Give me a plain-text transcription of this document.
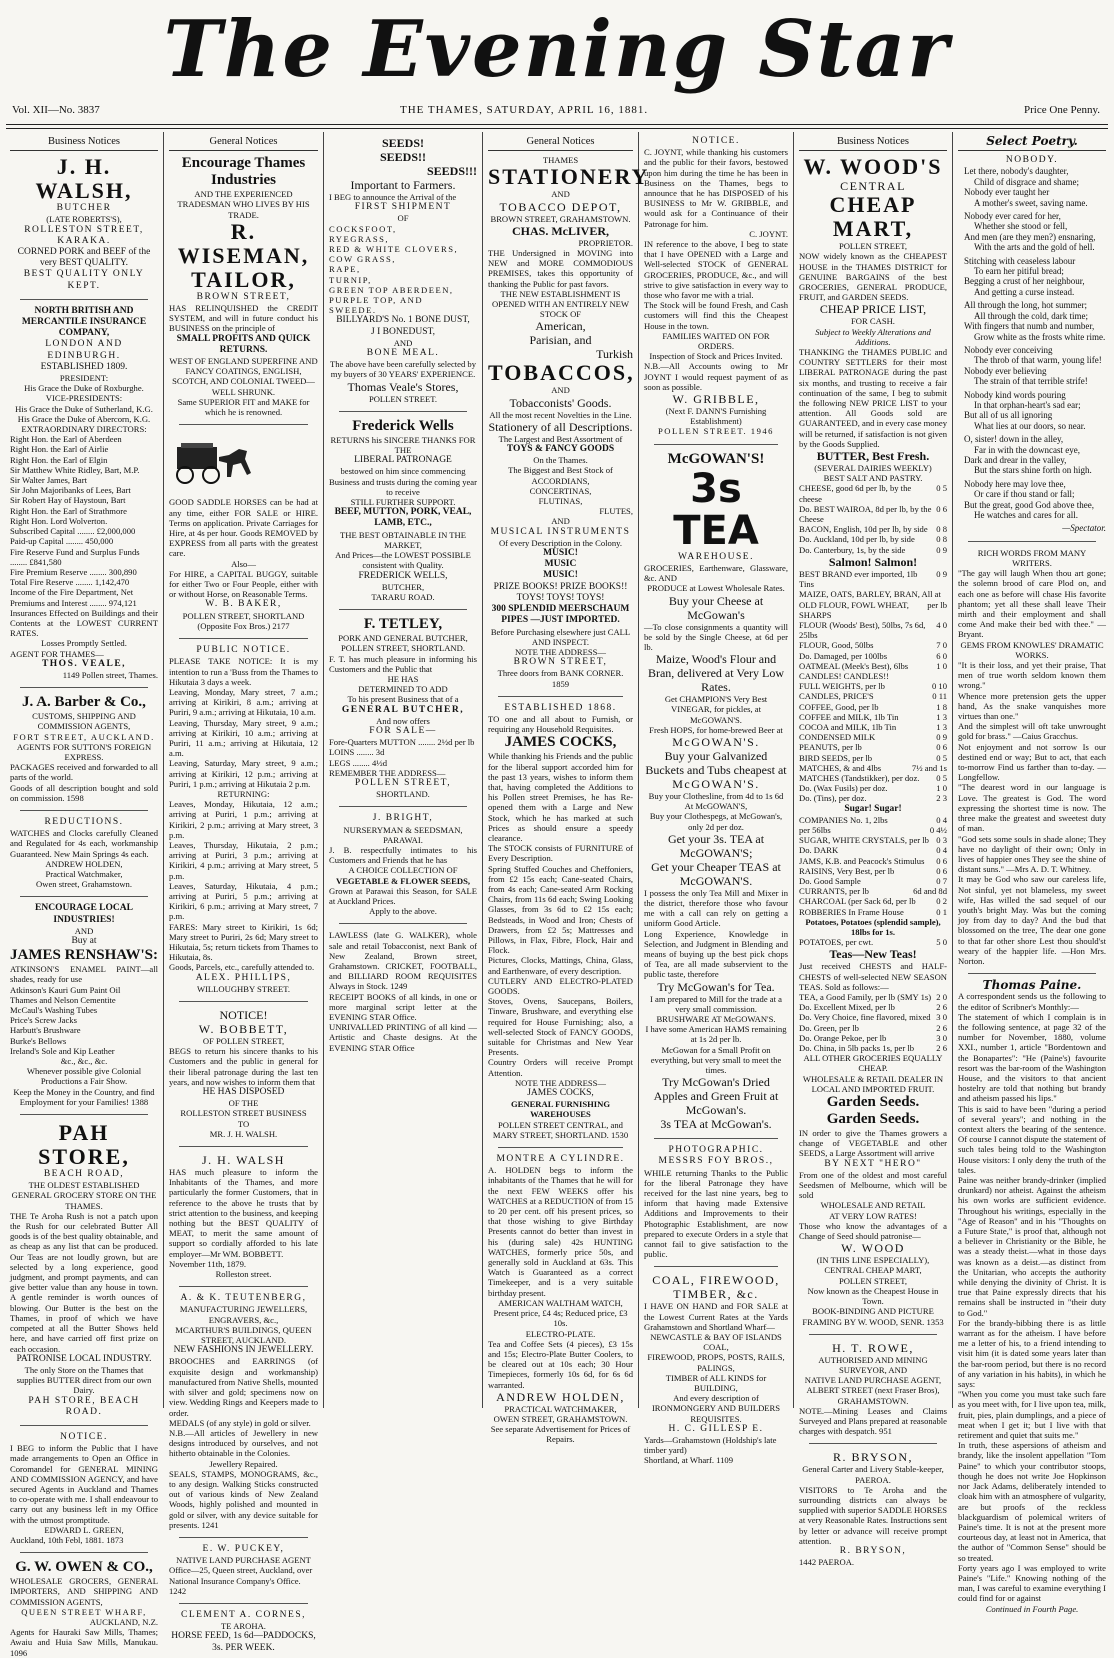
The Evening Star
Vol. XII—No. 3837	THE THAMES, SATURDAY, APRIL 16, 1881.	Price One Penny.
Business Notices
J. H. WALSH,
BUTCHER
(LATE ROBERTS'S),
ROLLESTON STREET, KARAKA.
CORNED PORK and BEEF of the very BEST QUALITY.
BEST QUALITY ONLY KEPT.
NORTH BRITISH AND MERCANTILE INSURANCE COMPANY,
LONDON AND EDINBURGH.
ESTABLISHED 1809.
PRESIDENT:
His Grace the Duke of Roxburghe.
VICE-PRESIDENTS:
His Grace the Duke of Sutherland, K.G.
His Grace the Duke of Abercorn, K.G.
EXTRAORDINARY DIRECTORS:
Right Hon. the Earl of Aberdeen
Right Hon. the Earl of Airlie
Right Hon. the Earl of Elgin
Sir Matthew White Ridley, Bart, M.P.
Sir Walter James, Bart
Sir John Majoribanks of Lees, Bart
Sir Robert Hay of Haystoun, Bart
Right Hon. the Earl of Strathmore
Right Hon. Lord Wolverton.
Subscribed Capital ........ £2,000,000
Paid-up Capital ........ 450,000
Fire Reserve Fund and Surplus Funds ........ £841,580
Fire Premium Reserve ........ 300,890
Total Fire Reserve ........ 1,142,470
Income of the Fire Department, Net Premiums and Interest ........ 974,121
Insurances Effected on Buildings and their Contents at the LOWEST CURRENT RATES.
Losses Promptly Settled.
AGENT FOR THAMES—
THOS. VEALE,
1149 Pollen street, Thames.
J. A. Barber & Co.,
CUSTOMS, SHIPPING AND COMMISSION AGENTS,
FORT STREET, AUCKLAND.
AGENTS FOR SUTTON'S FOREIGN EXPRESS.
PACKAGES received and forwarded to all parts of the world.
Goods of all description bought and sold on commission. 1598
REDUCTIONS.
WATCHES and Clocks carefully Cleaned and Regulated for 4s each, workmanship Guaranteed. New Main Springs 4s each.
ANDREW HOLDEN,
Practical Watchmaker,
Owen street, Grahamstown.
ENCOURAGE LOCAL INDUSTRIES!
AND
Buy at
JAMES RENSHAW'S:
ATKINSON'S ENAMEL PAINT—all shades, ready for use
Atkinson's Kauri Gum Paint Oil
Thames and Nelson Cementite
McCaul's Washing Tubes
Price's Screw Jacks
Harbutt's Brushware
Burke's Bellows
Ireland's Sole and Kip Leather
&c., &c., &c.
Whenever possible give Colonial Productions a Fair Show.
Keep the Money in the Country, and find Employment for your Families! 1388
PAH STORE,
BEACH ROAD,
THE OLDEST ESTABLISHED GENERAL GROCERY STORE ON THE THAMES.
THE Te Aroha Rush is not a patch upon the Rush for our celebrated Butter All goods is of the best quality obtainable, and as cheap as any list that can be produced. Our Teas are not loudly grown, but are selected by a long experience, good judgment, and prompt payments, and can give better value than any house in town. A gentle reminder is worth ounces of blowing. Our Butter is the best on the Thames, in proof of which we have competed at all the Butter Shows held here, and have carried off first prize on each occasion.
PATRONISE LOCAL INDUSTRY.
The only Store on the Thames that supplies BUTTER direct from our own Dairy.
PAH STORE, BEACH ROAD.
NOTICE.
I BEG to inform the Public that I have made arrangements to Open an Office in Coromandel for GENERAL MINING AND COMMISSION AGENCY, and have secured Agents in Auckland and Thames to co-operate with me. I shall endeavour to carry out any business left in my Office with the utmost promptitude.
EDWARD L. GREEN,
Auckland, 10th Febl, 1881. 1873
G. W. OWEN & CO.,
WHOLESALE GROCERS, GENERAL IMPORTERS, AND SHIPPING AND COMMISSION AGENTS,
QUEEN STREET WHARF,
AUCKLAND, N.Z.
Agents for Hauraki Saw Mills, Thames; Awaiu and Huia Saw Mills, Manukau. 1096
General Notices
Encourage Thames Industries
AND THE EXPERIENCED TRADESMAN WHO LIVES BY HIS TRADE.
R. WISEMAN, TAILOR,
BROWN STREET,
HAS RELINQUISHED the CREDIT SYSTEM, and will in future conduct his BUSINESS on the principle of
SMALL PROFITS AND QUICK RETURNS.
WEST OF ENGLAND SUPERFINE AND FANCY COATINGS, ENGLISH, SCOTCH, AND COLONIAL TWEED—WELL SHRUNK.
Same SUPERIOR FIT and MAKE for which he is renowned.
GOOD SADDLE HORSES can be had at any time, either FOR SALE or HIRE. Terms on application. Private Carriages for Hire, at 4s per hour. Goods REMOVED by EXPRESS from all parts with the greatest care.
Also—
For HIRE, a CAPITAL BUGGY, suitable for either Two or Four People, either with or without Horse, on Reasonable Terms.
W. B. BAKER,
POLLEN STREET, SHORTLAND
(Opposite Fox Bros.) 2177
PUBLIC NOTICE.
PLEASE TAKE NOTICE: It is my intention to run a 'Buss from the Thames to Hikutaia 3 days a week.
Leaving, Monday, Mary street, 7 a.m.; arriving at Kirikiri, 8 a.m.; arriving at Puriri, 9 a.m.; arriving at Hikutaia, 10 a.m.
Leaving, Thursday, Mary street, 9 a.m.; arriving at Kirikiri, 10 a.m.; arriving at Puriri, 11 a.m.; arriving at Hikutaia, 12 a.m.
Leaving, Saturday, Mary street, 9 a.m.; arriving at Kirikiri, 12 p.m.; arriving at Puriri, 1 p.m.; arriving at Hikutaia 2 p.m.
RETURNING:
Leaves, Monday, Hikutaia, 12 a.m.; arriving at Puriri, 1 p.m.; arriving at Kirikiri, 2 p.m.; arriving at Mary street, 3 p.m.
Leaves, Thursday, Hikutaia, 2 p.m.; arriving at Puriri, 3 p.m.; arriving at Kirikiri, 4 p.m.; arriving at Mary street, 5 p.m.
Leaves, Saturday, Hikutaia, 4 p.m.; arriving at Puriri, 5 p.m.; arriving at Kirikiri, 6 p.m.; arriving at Mary street, 7 p.m.
FARES: Mary street to Kirikiri, 1s 6d; Mary street to Puriri, 2s 6d; Mary street to Hikutaia, 5s; return tickets from Thames to Hikutaia, 8s.
Goods, Parcels, etc., carefully attended to.
ALEX. PHILLIPS,
WILLOUGHBY STREET.
NOTICE!
W. BOBBETT,
OF POLLEN STREET,
BEGS to return his sincere thanks to his Customers and the public in general for their liberal patronage during the last ten years, and now wishes to inform them that
HE HAS DISPOSED
OF THE
ROLLESTON STREET BUSINESS
TO
MR. J. H. WALSH.
J. H. WALSH
HAS much pleasure to inform the Inhabitants of the Thames, and more particularly the former Customers, that in reference to the above he trusts that by strict attention to the business, and keeping nothing but the BEST QUALITY of MEAT, to merit the same amount of support so cordially afforded to his late employer—Mr WM. BOBBETT.
November 11th, 1879.
Rolleston street.
A. & K. TEUTENBERG,
MANUFACTURING JEWELLERS, ENGRAVERS, &c.,
MCARTHUR'S BUILDINGS, QUEEN STREET, AUCKLAND.
NEW FASHIONS IN JEWELLERY.
BROOCHES and EARRINGS (of exquisite design and workmanship) manufactured from Native Shells, mounted with silver and gold; specimens now on view. Wedding Rings and Keepers made to order.
MEDALS (of any style) in gold or silver.
N.B.—All articles of Jewellery in new designs introduced by ourselves, and not hitherto obtainable in the Colonies.
Jewellery Repaired.
SEALS, STAMPS, MONOGRAMS, &c., to any design. Walking Sticks constructed out of various kinds of New Zealand Woods, highly polished and mounted in gold or silver, with any device suitable for presents. 1241
E. W. PUCKEY,
NATIVE LAND PURCHASE AGENT
Office—25, Queen street, Auckland, over
National Insurance Company's Office. 1242
CLEMENT A. CORNES,
TE AROHA.
HORSE FEED, 1s 6d—PADDOCKS, 3s. PER WEEK.
SEEDS!
SEEDS!!
SEEDS!!!
Important to Farmers.
I BEG to announce the Arrival of the
FIRST SHIPMENT
OF
COCKSFOOT,
RYEGRASS,
RED & WHITE CLOVERS,
COW GRASS,
RAPE,
TURNIP,
GREEN TOP ABERDEEN,
PURPLE TOP, AND
SWEEDE.
BILLYARD'S No. 1 BONE DUST,
J I BONEDUST,
AND
BONE MEAL.
The above have been carefully selected by my buyers of 30 YEARS' EXPERIENCE.
Thomas Veale's Stores,
POLLEN STREET.
Frederick Wells
RETURNS his SINCERE THANKS FOR THE
LIBERAL PATRONAGE
bestowed on him since commencing Business and trusts during the coming year to receive
STILL FURTHER SUPPORT.
BEEF, MUTTON, PORK, VEAL, LAMB, ETC.,
THE BEST OBTAINABLE IN THE MARKET,
And Prices—the LOWEST POSSIBLE consistent with Quality.
FREDERICK WELLS,
BUTCHER,
TARARU ROAD.
F. TETLEY,
PORK AND GENERAL BUTCHER,
POLLEN STREET, SHORTLAND.
F. T. has much pleasure in informing his Customers and the Public that
HE HAS
DETERMINED TO ADD
To his present Business that of a
GENERAL BUTCHER,
And now offers
FOR SALE—
Fore-Quarters MUTTON ........ 2½d per lb
LOINS ........ 3d
LEGS ........ 4½d
REMEMBER THE ADDRESS—
POLLEN STREET,
SHORTLAND.
J. BRIGHT,
NURSERYMAN & SEEDSMAN,
PARAWAI.
J. B. respectfully intimates to his Customers and Friends that he has
A CHOICE COLLECTION OF
VEGETABLE & FLOWER SEEDS,
Grown at Parawai this Season, for SALE at Auckland Prices.
Apply to the above.
LAWLESS (late G. WALKER), whole sale and retail Tobacconist, next Bank of New Zealand, Brown street, Grahamstown. CRICKET, FOOTBALL, and BILLIARD ROOM REQUISITES Always in Stock. 1249
RECEIPT BOOKS of all kinds, in one or more marginal script letter at the EVENING STAR Office.
UNRIVALLED PRINTING of all kind —Artistic and Chaste designs. At the EVENING STAR Office
General Notices
THAMES
STATIONERY
AND
TOBACCO DEPOT,
BROWN STREET, GRAHAMSTOWN.
CHAS. McLIVER,
PROPRIETOR.
THE Undersigned in MOVING into NEW and MORE COMMODIOUS PREMISES, takes this opportunity of thanking the Public for past favors.
THE NEW ESTABLISHMENT IS
OPENED WITH AN ENTIRELY NEW STOCK OF
American,
Parisian, and
Turkish
TOBACCOS,
AND
Tobacconists' Goods.
All the most recent Novelties in the Line.
Stationery of all Descriptions.
The Largest and Best Assortment of
TOYS & FANCY GOODS
On the Thames.
The Biggest and Best Stock of
ACCORDIANS,
CONCERTINAS,
FLUTINAS,
FLUTES,
AND
MUSICAL INSTRUMENTS
Of every Description in the Colony.
MUSIC!
MUSIC
MUSIC!
PRIZE BOOKS! PRIZE BOOKS!!
TOYS! TOYS! TOYS!
300 SPLENDID MEERSCHAUM PIPES —JUST IMPORTED.
Before Purchasing elsewhere just CALL AND INSPECT.
NOTE THE ADDRESS—
BROWN STREET,
Three doors from BANK CORNER. 1859
ESTABLISHED 1868.
TO one and all about to Furnish, or requiring any Household Requisites.
JAMES COCKS,
While thanking his Friends and the public for the liberal support accorded him for the past 13 years, wishes to inform them that, having completed the Additions to his Pollen street Premises, he has Re-opened them with a Large and New Stock, which he has marked at such Prices as should ensure a speedy clearance.
The STOCK consists of FURNITURE of Every Description.
Spring Stuffed Couches and Cheffoniers, from £2 15s each; Cane-seated Chairs, from 4s each; Cane-seated Arm Rocking Chairs, from 11s 6d each; Swing Looking Glasses, from 3s 6d to £2 15s each; Bedsteads, in Wood and Iron; Chests of Drawers, from £2 5s; Mattresses and Pillows, in Flax, Fibre, Flock, Hair and Flock.
Pictures, Clocks, Mattings, China, Glass, and Earthenware, of every description.
CUTLERY AND ELECTRO-PLATED GOODS.
Stoves, Ovens, Saucepans, Boilers, Tinware, Brushware, and everything else required for House Furnishing; also, a well-selected Stock of FANCY GOODS, suitable for Christmas and New Year Presents.
Country Orders will receive Prompt Attention.
NOTE THE ADDRESS—
JAMES COCKS,
GENERAL FURNISHING WAREHOUSES
POLLEN STREET CENTRAL, and MARY STREET, SHORTLAND. 1530
MONTRE A CYLINDRE.
A. HOLDEN begs to inform the inhabitants of the Thames that he will for the next FEW WEEKS offer his WATCHES at a REDUCTION of from 15 to 20 per cent. off his present prices, so that those wishing to give Birthday Presents cannot do better than invest in his (during sale) 42s HUNTING WATCHES, formerly price 50s, and generally sold in Auckland at 63s. This Watch is Guaranteed as a correct Timekeeper, and is a very suitable birthday present.
AMERICAN WALTHAM WATCH,
Present price, £4 4s; Reduced price, £3 10s.
ELECTRO-PLATE.
Tea and Coffee Sets (4 pieces), £3 15s and 15s; Electro-Plate Butter Coolers, to be cleared out at 10s each; 30 Hour Timepieces, formerly 10s 6d, for 6s 6d warranted.
ANDREW HOLDEN,
PRACTICAL WATCHMAKER,
OWEN STREET, GRAHAMSTOWN.
See separate Advertisement for Prices of Repairs.
NOTICE.
C. JOYNT, while thanking his customers and the public for their favors, bestowed upon him during the time he has been in Business on the Thames, begs to announce that he has DISPOSED of his BUSINESS to Mr W. GRIBBLE, and would ask for a Continuance of their Patronage for him.
C. JOYNT.
IN reference to the above, I beg to state that I have OPENED with a Large and Well-selected STOCK of GENERAL GROCERIES, PRODUCE, &c., and will strive to give satisfaction in every way to those who favor me with a trial.
The Stock will be found Fresh, and Cash customers will find this the Cheapest House in the town.
FAMILIES WAITED ON FOR ORDERS.
Inspection of Stock and Prices Invited.
N.B.—All Accounts owing to Mr JOYNT I would request payment of as soon as possible.
W. GRIBBLE,
(Next F. DANN'S Furnishing Establishment)
POLLEN STREET. 1946
McGOWAN'S!
3s TEA
WAREHOUSE.
GROCERIES, Earthenware, Glassware, &c. AND
PRODUCE at Lowest Wholesale Rates.
Buy your Cheese at McGowan's
—To close consignments a quantity will be sold by the Single Cheese, at 6d per lb.
Maize, Wood's Flour and Bran, delivered at Very Low Rates.
Get CHAMPION'S Very Best VINEGAR, for pickles, at McGOWAN'S.
Fresh HOPS, for home-brewed Beer at
McGOWAN'S.
Buy your Galvanized Buckets and Tubs cheapest at
McGOWAN'S.
Buy your Clothesline, from 4d to 1s 6d
At McGOWAN'S,
Buy your Clothespegs, at McGowan's, only 2d per doz.
Get your 3s. TEA at McGOWAN'S;
Get your Cheaper TEAS at McGOWAN'S.
I possess the only Tea Mill and Mixer in the district, therefore those who favour me with a call can rely on getting a uniform Good Article.
Long Experience, Knowledge in Selection, and Judgment in Blending and means of buying up the best pick chops of Tea, are all made subservient to the public taste, therefore
Try McGowan's for Tea.
I am prepared to Mill for the trade at a very small commission.
BRUSHWARE AT McGOWAN'S.
I have some American HAMS remaining at 1s 2d per lb.
McGowan for a Small Profit on everything, but very small to meet the times.
Try McGowan's Dried Apples and Green Fruit at McGowan's.
3s TEA at McGowan's.
PHOTOGRAPHIC.
MESSRS FOY BROS.,
WHILE returning Thanks to the Public for the liberal Patronage they have received for the last nine years, beg to inform that having made Extensive Additions and Improvements to their Photographic Establishment, are now prepared to execute Orders in a style that cannot fail to give satisfaction to the public.
COAL, FIREWOOD, TIMBER, &c.
I HAVE ON HAND and FOR SALE at the Lowest Current Rates at the Yards Grahamstown and Shortland Wharf—
NEWCASTLE & BAY OF ISLANDS COAL,
FIREWOOD, PROPS, POSTS, RAILS, PALINGS,
TIMBER of ALL KINDS for BUILDING,
And every description of
IRONMONGERY AND BUILDERS REQUISITES.
H. C. GILLESP E.
Yards—Grahamstown (Holdship's late timber yard)
Shortland, at Wharf. 1109
Business Notices
W. WOOD'S
CENTRAL
CHEAP MART,
POLLEN STREET,
NOW widely known as the CHEAPEST HOUSE in the THAMES DISTRICT for GENUINE BARGAINS of the best GROCERIES, GENERAL PRODUCE, FRUIT, and GARDEN SEEDS.
CHEAP PRICE LIST,
FOR CASH.
Subject to Weekly Alterations and Additions.
THANKING the THAMES PUBLIC and COUNTRY SETTLERS for their most LIBERAL PATRONAGE during the past six months, and trusting to receive a fair continuation of the same, I beg to submit the following NEW PRICE LIST to your attention. All Goods sold are GUARANTEED, and in every case money will be returned, if satisfaction is not given by the Goods Supplied.
BUTTER, Best Fresh.
(SEVERAL DAIRIES WEEKLY)
BEST SALT AND PASTRY.
CHEESE, good 6d per lb, by the cheese
0 5
Do. BEST WAIROA, 8d per lb, by the Cheese
0 6
BACON, English, 10d per lb, by side 0 8
Do. Auckland, 10d per lb, by side	0 8
Do. Canterbury, 1s, by the side	0 9
Salmon! Salmon!
BEST BRAND ever imported, 1lb Tins
0 9
MAIZE, OATS, BARLEY, BRAN, All at
OLD FLOUR, FOWL WHEAT, SHARPS
per lb
FLOUR (Woods' Best), 50lbs, 7s 6d, 25lbs
4 0
FLOUR, Good, 50lbs	7 0
Do. Damaged, per 100lbs	6 0
OATMEAL (Meek's Best), 6lbs	1 0
CANDLES! CANDLES!!
FULL WEIGHTS, per lb	0 10
CANDLES, PRICE'S	0 11
COFFEE, Good, per lb	1 8
COFFEE and MILK, 1lb Tin	1 3
COCOA and MILK, 1lb Tin	1 3
CONDENSED MILK	0 9
PEANUTS, per lb	0 6
BIRD SEEDS, per lb	0 5
MATCHES, & and 4lbs	7½ and 1s
MATCHES (Tandstikker), per doz.	0 5
Do. (Wax Fusils) per doz.	1 0
Do. (Tins), per doz.	2 3
Sugar! Sugar!
COMPANIES No. 1, 2lbs	0 4
per 56lbs	0 4½
SUGAR, WHITE CRYSTALS, per lb 0 3
Do. DARK	0 4
JAMS, K.B. and Peacock's Stimulus	0 6
RAISINS, Very Best, per lb	0 6
Do. Good Sample	0 7
CURRANTS, per lb	6d and 8d
CHARCOAL (per Sack 6d, per lb	0 2
ROBBERIES In Frame House	0 1
Potatoes, Potatoes (splendid sample), 18lbs for 1s.
POTATOES, per cwt.	5 0
Teas—New Teas!
Just received CHESTS and HALF-CHESTS of well-selected NEW SEASON TEAS. Sold as follows:—
TEA, a Good Family, per lb (SMY 1s) 2 0
Do. Excellent Mixed, per lb	2 6
Do. Very Choice, fine flavored, mixed 3 0
Do. Green, per lb	2 6
Do. Orange Pekoe, per lb	3 0
Do. China, in 5lb packs 1s, per lb	2 6
ALL OTHER GROCERIES EQUALLY CHEAP.
WHOLESALE & RETAIL DEALER IN
LOCAL AND IMPORTED FRUIT.
Garden Seeds.
Garden Seeds.
IN order to give the Thames growers a change of VEGETABLE and other SEEDS, a Large Assortment will arrive
BY NEXT "HERO"
From one of the oldest and most careful Seedsmen of Melbourne, which will be sold
WHOLESALE AND RETAIL
AT VERY LOW RATES!
Those who know the advantages of a Change of Seed should patronise—
W. WOOD
(IN THIS LINE ESPECIALLY),
CENTRAL CHEAP MART,
POLLEN STREET,
Now known as the Cheapest House in Town.
BOOK-BINDING AND PICTURE FRAMING BY W. WOOD, SENR. 1353
H. T. ROWE,
AUTHORISED AND MINING SURVEYOR, AND
NATIVE LAND PURCHASE AGENT,
ALBERT STREET (next Fraser Bros),
GRAHAMSTOWN.
NOTE.—Mining Leases and Claims Surveyed and Plans prepared at reasonable charges with despatch. 951
R. BRYSON,
General Carter and Livery Stable-keeper, PAEROA.
VISITORS to Te Aroha and the surrounding districts can always be supplied with superior SADDLE HORSES at very Reasonable Rates. Instructions sent by letter or advance will receive prompt attention.
R. BRYSON,
1442 PAEROA.
Select Poetry.
NOBODY.

Let there, nobody's daughter,

Child of disgrace and shame;

Nobody ever taught her

A mother's sweet, saving name.

Nobody ever cared for her,

Whether she stood or fell,

And men (are they men?) ensnaring,

With the arts and the gold of hell.

Stitching with ceaseless labour

To earn her pitiful bread;

Begging a crust of her neighbour,

And getting a curse instead.

All through the long, hot summer;

All through the cold, dark time;

With fingers that numb and number,

Grow white as the frosts white rime.

Nobody ever conceiving

The throb of that warm, young life!

Nobody ever believing

The strain of that terrible strife!

Nobody kind words pouring

In that orphan-heart's sad ear;

But all of us all ignoring

What lies at our doors, so near.

O, sister! down in the alley,

Far in with the downcast eye,

Dark and drear in the valley,

But the stars shine forth on high.

Nobody here may love thee,

Or care if thou stand or fall;

But the great, good God above thee,

He watches and cares for all.

—Spectator.

RICH WORDS FROM MANY WRITERS.
"The gay will laugh When thou art gone; the solemn brood of care Plod on, and each one as before will chase His favorite phantom; yet all these shall leave Their mirth and their employment and shall come And make their bed with thee." —Bryant.
GEMS FROM KNOWLES' DRAMATIC WORKS.
"It is their loss, and yet their praise, That men of true worth seldom known them wrong."
Whence more pretension gets the upper hand, As the snake vanquishes more virtues than one."
And the simplest will oft take unwrought gold for brass." —Caius Gracchus.
Not enjoyment and not sorrow Is our destined end or way; But to act, that each to-morrow Find us farther than to-day. —Longfellow.
"The dearest word in our language is Love. The greatest is God. The word expressing the shortest time is now. The three make the greatest and sweetest duty of man.
"God sets some souls in shade alone; They have no daylight of their own; Only in lives of happier ones They see the shine of distant suns." —Mrs A. D. T. Whitney.
It may be God who saw our careless life, Not sinful, yet not blameless, my sweet wife, Has willed the sad sequel of our youth's bright May. Was but the coming joy from day to day? And the bud that blossomed on the tree, The dear one gone to that far other shore Lest thou should'st weary of the happier life. —Hon Mrs. Norton.
Thomas Paine.
A correspondent sends us the following to the editor of Scribner's Monthly:—
The statement of which I complain is in the following sentence, at page 32 of the number for November, 1880, volume XXI., number 1, article "Bordentown and the Bonapartes": "He (Paine's) favourite resort was the bar-room of the Washington House, and the visitors to that ancient hostelry are told that nothing but brandy and atheism passed his lips."
This is said to have been "during a period of several years"; and nothing in the context alters the bearing of the sentence. Of course I cannot dispute the statement of such tales being told to the Washington House visitors: I only deny the truth of the tales.
Paine was neither brandy-drinker (implied drunkard) nor atheist. Against the atheism his own works are sufficient evidence. Throughout his writings, especially in the "Age of Reason" and in his "Thoughts on a Future State," is proof that, although not a believer in Christianity or the Bible, he was a steady theist.—what in those days was known as a deist.—as distinct from the Unitarian, who accepts the authority while denying the divinity of Christ. It is true that Paine expressly directs that his remains shall be instructed in "their duty to God."
For the brandy-bibbing there is as little warrant as for the atheism. I have before me a letter of his, to a friend intending to visit him (it is dated some years later than the bar-room period, but there is no record of any variation in his habits), in which he says:
"When you come you must take such fare as you meet with, for I live upon tea, milk, fruit, pies, plain dumplings, and a piece of meat when I get it; but I live with that retirement and quiet that suits me."
In truth, these aspersions of atheism and brandy, like the insolent appellation "Tom Paine" to which your contributor stoops, though he does not write Joe Hopkinson nor Jack Adams, deliberately intended to cloak him with an atmosphere of vulgarity, are but proofs of the reckless blackguardism of polemical writers of Paine's time. It is not at the present more courteous day, at least not in America, that the author of "Common Sense" should be so treated.
Forty years ago I was employed to write Paine's "Life." Knowing nothing of the man, I was careful to examine everything I could find for or against
Continued in Fourth Page.
